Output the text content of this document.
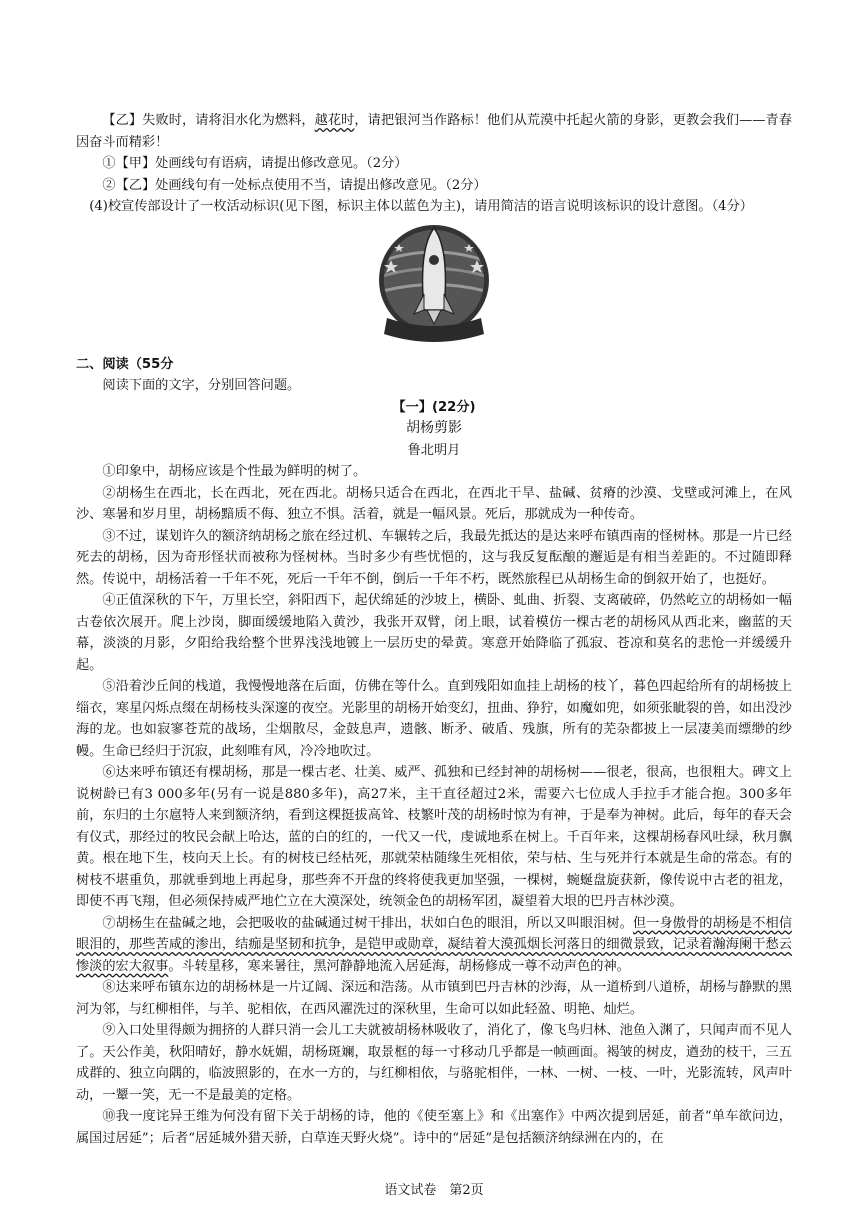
【乙】失败时，请将泪水化为燃料，越花时，请把银河当作路标！他们从荒漠中托起火箭的身影，更教会我们——青春因奋斗而精彩！

①【甲】处画线句有语病，请提出修改意见。（2分）

②【乙】处画线句有一处标点使用不当，请提出修改意见。（2分）

(4)校宣传部设计了一枚活动标识(见下图，标识主体以蓝色为主)，请用简洁的语言说明该标识的设计意图。（4分）

二、阅读（55分

阅读下面的文字，分别回答问题。

【一】(22分)

胡杨剪影

鲁北明月

①印象中，胡杨应该是个性最为鲜明的树了。

②胡杨生在西北，长在西北，死在西北。胡杨只适合在西北，在西北干旱、盐碱、贫瘠的沙漠、戈壁或河滩上，在风沙、寒暑和岁月里，胡杨黯质不侮、独立不惧。活着，就是一幅风景。死后，那就成为一种传奇。

③不过，谋划许久的额济纳胡杨之旅在经过机、车辗转之后，我最先抵达的是达来呼布镇西南的怪树林。那是一片已经死去的胡杨，因为奇形怪状而被称为怪树林。当时多少有些忧悒的，这与我反复酝酿的邂逅是有相当差距的。不过随即释然。传说中，胡杨活着一千年不死，死后一千年不倒，倒后一千年不朽，既然旅程已从胡杨生命的倒叙开始了，也挺好。

④正值深秋的下午，万里长空，斜阳西下，起伏绵延的沙坡上，横卧、虬曲、折裂、支离破碎，仍然屹立的胡杨如一幅古卷依次展开。爬上沙岗，脚面缓缓地陷入黄沙，我张开双臂，闭上眼，试着模仿一棵古老的胡杨风从西北来，幽蓝的天幕，淡淡的月影，夕阳给我给整个世界浅浅地镀上一层历史的晕黄。寒意开始降临了孤寂、苍凉和莫名的悲怆一并缓缓升起。

⑤沿着沙丘间的栈道，我慢慢地落在后面，仿佛在等什么。直到残阳如血挂上胡杨的枝丫，暮色四起给所有的胡杨披上缁衣，寒星闪烁点缀在胡杨枝头深邃的夜空。光影里的胡杨开始变幻，扭曲、狰狞，如魔如兜，如须张眦裂的兽，如出没沙海的龙。也如寂寥苍荒的战场，尘烟散尽，金鼓息声，遗骸、断矛、破盾、残旗，所有的芜杂都披上一层凄美而缥缈的纱幔。生命已经归于沉寂，此刻唯有风，冷冷地吹过。

⑥达来呼布镇还有棵胡杨，那是一棵古老、壮美、威严、孤独和已经封神的胡杨树——很老，很高，也很粗大。碑文上说树龄已有3 000多年(另有一说是880多年)，高27米，主干直径超过2米，需要六七位成人手拉手才能合抱。300多年前，东归的土尔扈特人来到额济纳，看到这棵挺拔高耸、枝繁叶茂的胡杨时惊为有神，于是奉为神树。此后，每年的春天会有仪式，那经过的牧民会献上哈达，蓝的白的红的，一代又一代，虔诚地系在树上。千百年来，这棵胡杨春风吐绿，秋月飘黄。根在地下生，枝向天上长。有的树枝已经枯死，那就荣枯随缘生死相依，荣与枯、生与死并行本就是生命的常态。有的树枝不堪重负，那就垂到地上再起身，那些奔不开盘的终将使我更加坚强，一棵树，蜿蜒盘旋获新，像传说中古老的祖龙，即使不再飞翔，但必须保持威严地伫立在大漠深处，统领金色的胡杨军团，凝望着大垠的巴丹吉林沙漠。

⑦胡杨生在盐碱之地，会把吸收的盐碱通过树干排出，状如白色的眼泪，所以又叫眼泪树。但一身傲骨的胡杨是不相信眼泪的，那些苦咸的渗出，结痂是坚韧和抗争，是铠甲或勋章，凝结着大漠孤烟长河落日的细微景致，记录着瀚海阑干愁云惨淡的宏大叙事。斗转星移，寒来暑往，黑河静静地流入居延海，胡杨修成一尊不动声色的神。

⑧达来呼布镇东边的胡杨林是一片辽阔、深远和浩荡。从市镇到巴丹吉林的沙海，从一道桥到八道桥，胡杨与静默的黑河为邻，与红柳相伴，与羊、驼相依，在西风濯洗过的深秋里，生命可以如此轻盈、明艳、灿烂。

⑨入口处里得颇为拥挤的人群只消一会儿工夫就被胡杨林吸收了，消化了，像飞鸟归林、池鱼入渊了，只闻声而不见人了。天公作美，秋阳晴好，静水妩媚，胡杨斑斓，取景框的每一寸移动几乎都是一帧画面。褐皱的树皮，遒劲的枝干，三五成群的、独立向隅的，临波照影的，在水一方的，与红柳相依，与骆驼相伴，一林、一树、一枝、一叶，光影流转，风声叶动，一颦一笑，无一不是最美的定格。

⑩我一度诧异王维为何没有留下关于胡杨的诗，他的《使至塞上》和《出塞作》中两次提到居延，前者“单车欲问边，属国过居延”；后者“居延城外猎天骄，白草连天野火烧”。诗中的“居延”是包括额济纳绿洲在内的，在

语文试卷　第2页
